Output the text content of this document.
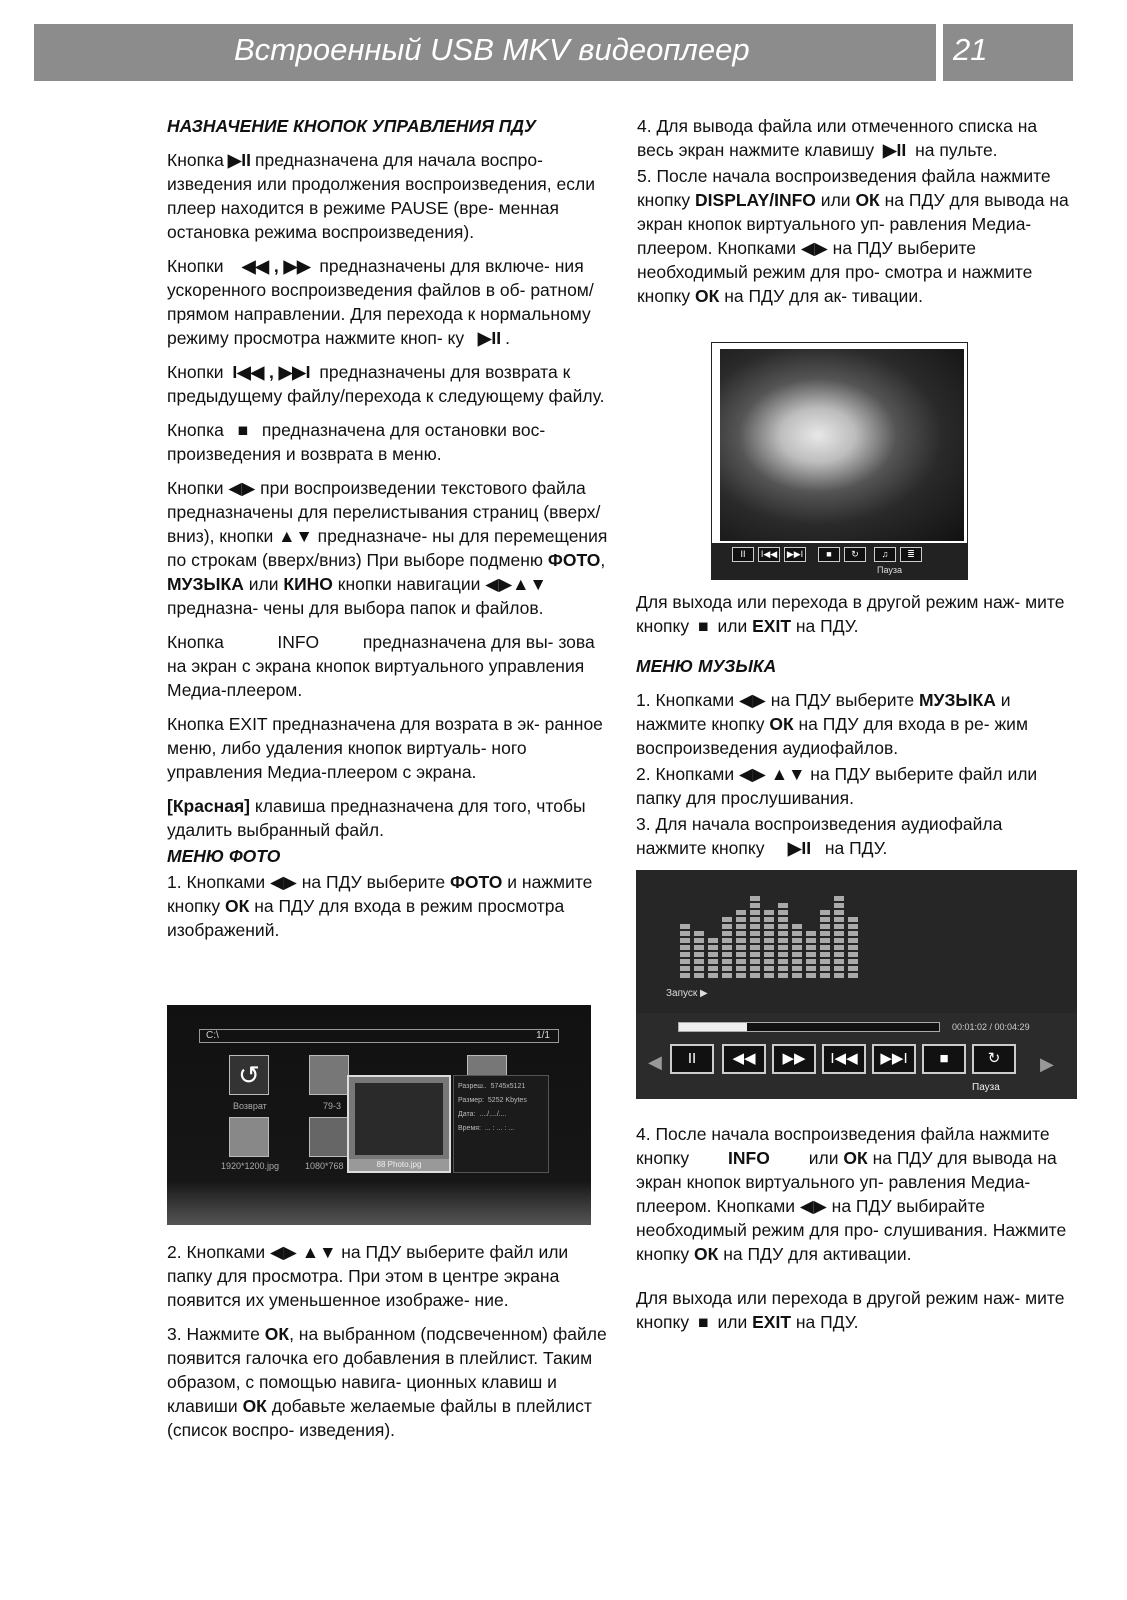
Встроенный USB MKV видеоплеер	21

НАЗНАЧЕНИЕ КНОПОК УПРАВЛЕНИЯ ПДУ

Кнопка ▶II предназначена для начала воспро- изведения или продолжения воспроизведения, если плеер находится в режиме PAUSE (вре- менная остановка режима воспроизведения).

Кнопки ◀◀ , ▶▶ предназначены для включе- ния ускоренного воспроизведения файлов в об- ратном/прямом направлении. Для перехода к нормальному режиму просмотра нажмите кноп- ку ▶II .

Кнопки I◀◀ , ▶▶I предназначены для возврата к предыдущему файлу/перехода к следующему файлу.

Кнопка ■ предназначена для остановки вос- произведения и возврата в меню.

Кнопки ◀▶ при воспроизведении текстового файла предназначены для перелистывания страниц (вверх/вниз), кнопки ▲▼ предназначе- ны для перемещения по строкам (вверх/вниз) При выборе подменю ФОТО, МУЗЫКА или КИНО кнопки навигации ◀▶▲▼ предназна- чены для выбора папок и файлов.

Кнопка	INFO	предназначена для вы- зова на экран с экрана кнопок виртуального управления Медиа-плеером.

Кнопка EXIT предназначена для возрата в эк- ранное меню, либо удаления кнопок виртуаль- ного управления Медиа-плеером с экрана.

[Красная] клавиша предназначена для того, чтобы удалить выбранный файл.

МЕНЮ ФОТО

1. Кнопками ◀▶ на ПДУ выберите ФОТО и нажмите кнопку ОК на ПДУ для входа в режим просмотра изображений.

C:\	1/1
↺
Возврат	79-3
1920*1200.jpg	1080*768	88 Photo.jpg
Разреш.. 5745x5121
Размер: 5252 Kbytes
Дата: ..../..../....
Время: ... : ... : ...

2. Кнопками ◀▶ ▲▼ на ПДУ выберите файл или папку для просмотра. При этом в центре экрана появится их уменьшенное изображе- ние.

3. Нажмите ОК, на выбранном (подсвеченном) файле появится галочка его добавления в плейлист. Таким образом, с помощью навига- ционных клавиш и клавиши ОК добавьте желаемые файлы в плейлист (список воспро- изведения).

4. Для вывода файла или отмеченного списка на весь экран нажмите клавишу ▶II на пульте.

5. После начала воспроизведения файла нажмите кнопку DISPLAY/INFO или ОК на ПДУ для вывода на экран кнопок виртуального уп- равления Медиа-плеером. Кнопками ◀▶ на ПДУ выберите необходимый режим для про- смотра и нажмите кнопку ОК на ПДУ для ак- тивации.

II	I◀◀	▶▶I	■	↻	♫	≣
Пауза

Для выхода или перехода в другой режим наж- мите кнопку ■ или EXIT на ПДУ.

МЕНЮ МУЗЫКА

1. Кнопками ◀▶ на ПДУ выберите МУЗЫКА и нажмите кнопку ОК на ПДУ для входа в ре- жим воспроизведения аудиофайлов.

2. Кнопками ◀▶ ▲▼ на ПДУ выберите файл или папку для прослушивания.

3. Для начала воспроизведения аудиофайла нажмите кнопку ▶II на ПДУ.

Запуск ▶
00:01:02 / 00:04:29
◀	II	◀◀	▶▶	I◀◀	▶▶I	■	↻	▶
Пауза

4. После начала воспроизведения файла нажмите кнопку INFO или ОК на ПДУ для вывода на экран кнопок виртуального уп- равления Медиа-плеером. Кнопками ◀▶ на ПДУ выбирайте необходимый режим для про- слушивания. Нажмите кнопку ОК на ПДУ для активации.

Для выхода или перехода в другой режим наж- мите кнопку ■ или EXIT на ПДУ.
